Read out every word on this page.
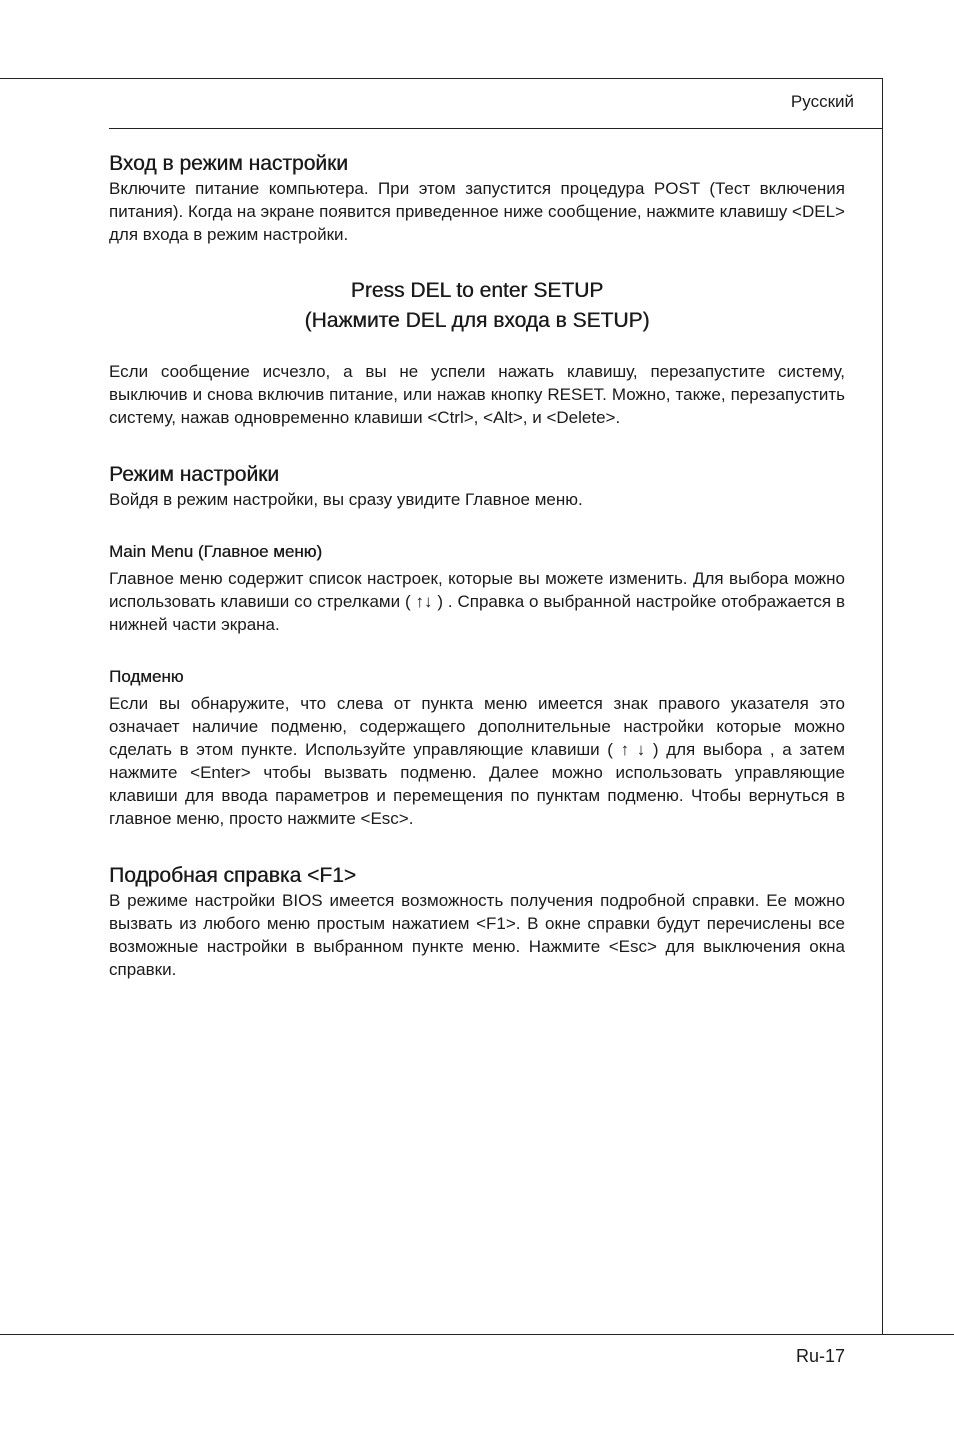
Русский
Вход в режим настройки

Включите питание компьютера. При этом запустится процедура POST (Тест включения питания). Когда на экране появится приведенное ниже сообщение, нажмите клавишу <DEL> для входа в режим настройки.

Press DEL to enter SETUP
(Нажмите DEL для входа в SETUP)

Если сообщение исчезло, а вы не успели нажать клавишу, перезапустите систему, выключив и снова включив питание, или нажав кнопку RESET. Можно, также, перезапустить систему, нажав одновременно клавиши <Ctrl>, <Alt>, и <Delete>.

Режим настройки

Войдя в режим настройки, вы сразу увидите Главное меню.

Main Menu (Главное меню)

Главное меню содержит список настроек, которые вы можете изменить. Для выбора можно использовать клавиши со стрелками ( ↑↓ ) . Справка о выбранной настройке отображается в нижней части экрана.

Подменю

Если вы обнаружите, что слева от пункта меню имеется знак правого указателя это означает наличие подменю, содержащего дополнительные настройки которые можно сделать в этом пункте. Используйте управляющие клавиши ( ↑ ↓ ) для выбора , а затем нажмите <Enter> чтобы вызвать подменю. Далее можно использовать управляющие клавиши для ввода параметров и перемещения по пунктам подменю. Чтобы вернуться в главное меню, просто нажмите <Esc>.

Подробная справка <F1>

В режиме настройки BIOS имеется возможность получения подробной справки. Ее можно вызвать из любого меню простым нажатием <F1>. В окне справки будут перечислены все возможные настройки в выбранном пункте меню. Нажмите <Esc> для выключения окна справки.

Ru-17
